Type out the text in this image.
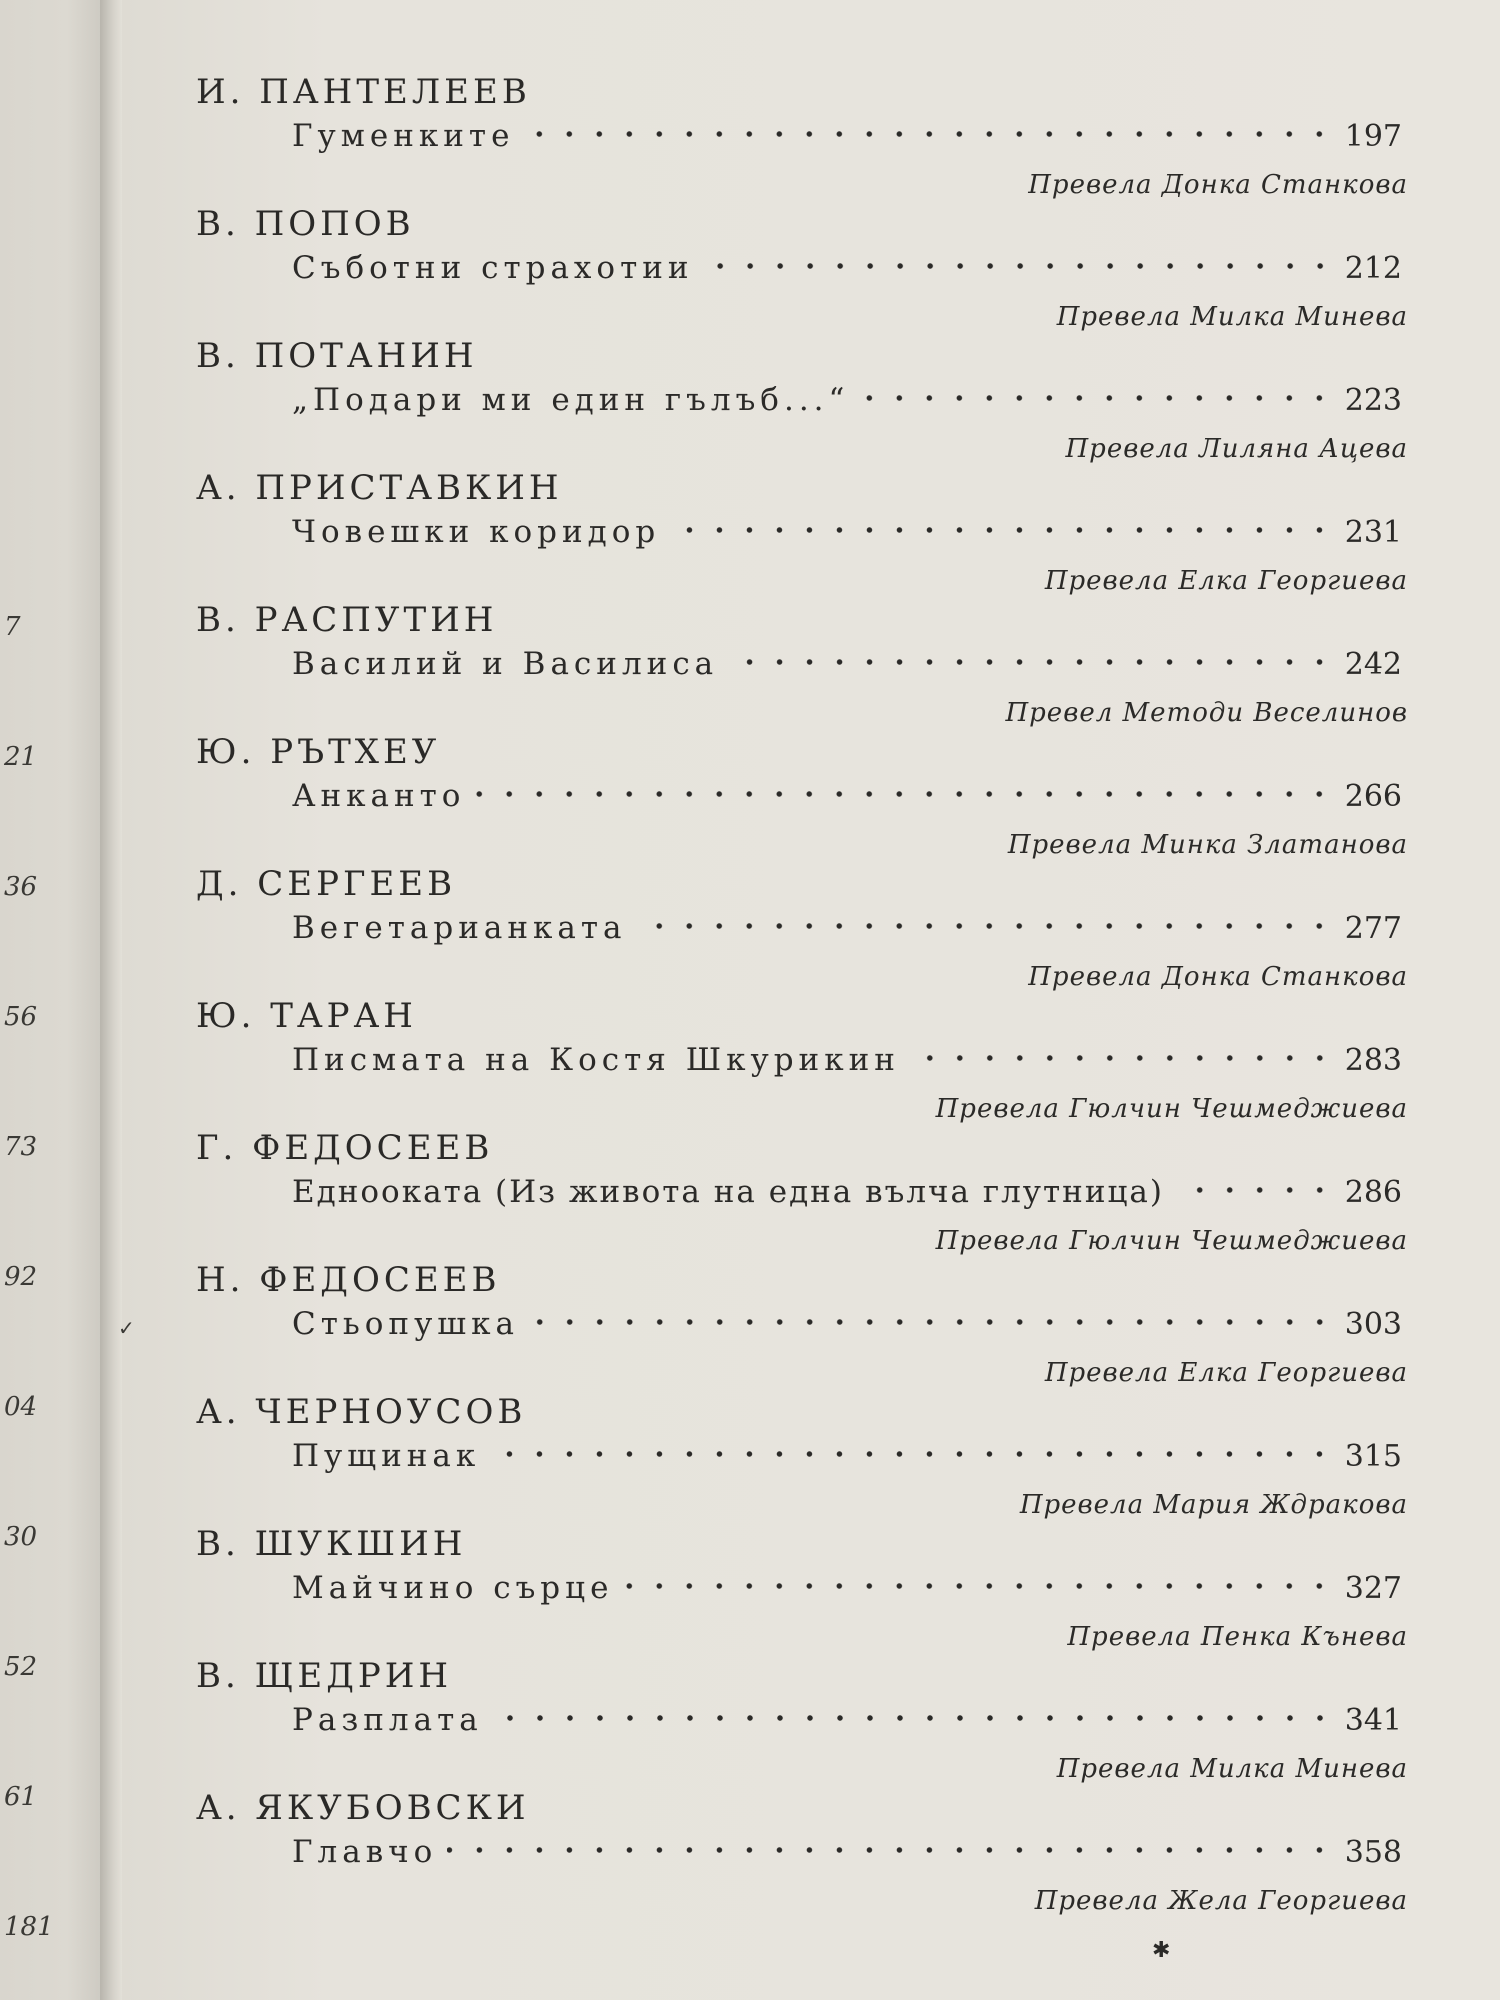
7
21
36
56
73
92
04
30
52
61
181
И. ПАНТЕЛЕЕВ
Гуменките	197
Превела Донка Станкова
В. ПОПОВ
Съботни страхотии	212
Превела Милка Минева
В. ПОТАНИН
„Подари ми един гълъб...“	223
Превела Лиляна Ацева
А. ПРИСТАВКИН
Човешки коридор	231
Превела Елка Георгиева
В. РАСПУТИН
Василий и Василиса	242
Превел Методи Веселинов
Ю. РЪТХЕУ
Анканто	266
Превела Минка Златанова
Д. СЕРГЕЕВ
Вегетарианката	277
Превела Донка Станкова
Ю. ТАРАН
Писмата на Костя Шкурикин	283
Превела Гюлчин Чешмеджиева
Г. ФЕДОСЕЕВ
Еднооката (Из живота на една вълча глутница)	286
Превела Гюлчин Чешмеджиева
Н. ФЕДОСЕЕВ
Стьопушка	303
Превела Елка Георгиева
А. ЧЕРНОУСОВ
Пущинак	315
Превела Мария Ждракова
В. ШУКШИН
Майчино сърце	327
Превела Пенка Кънева
В. ЩЕДРИН
Разплата	341
Превела Милка Минева
А. ЯКУБОВСКИ
Главчо	358
Превела Жела Георгиева
✱
✓
